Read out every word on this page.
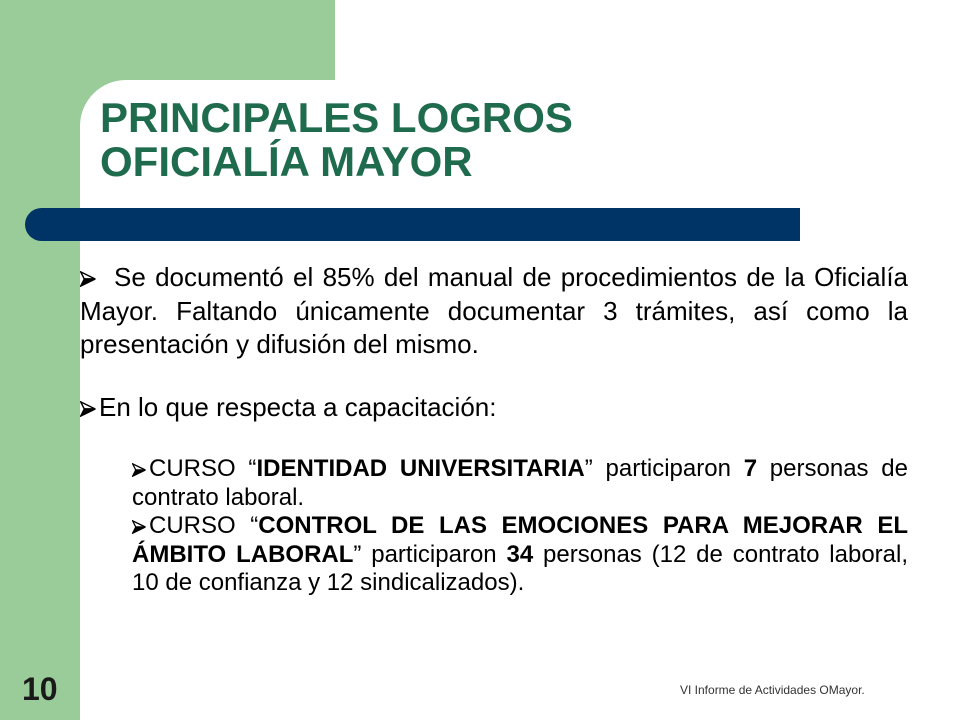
PRINCIPALES LOGROS
OFICIALÍA MAYOR
Se documentó el 85% del manual de procedimientos de la Oficialía Mayor. Faltando únicamente documentar 3 trámites, así como la presentación y difusión del mismo.
En lo que respecta a capacitación:
CURSO “IDENTIDAD UNIVERSITARIA” participaron 7 personas de contrato laboral.
CURSO “CONTROL DE LAS EMOCIONES PARA MEJORAR EL ÁMBITO LABORAL” participaron 34 personas (12 de contrato laboral, 10 de confianza y 12 sindicalizados).
10	VI Informe de Actividades OMayor.
